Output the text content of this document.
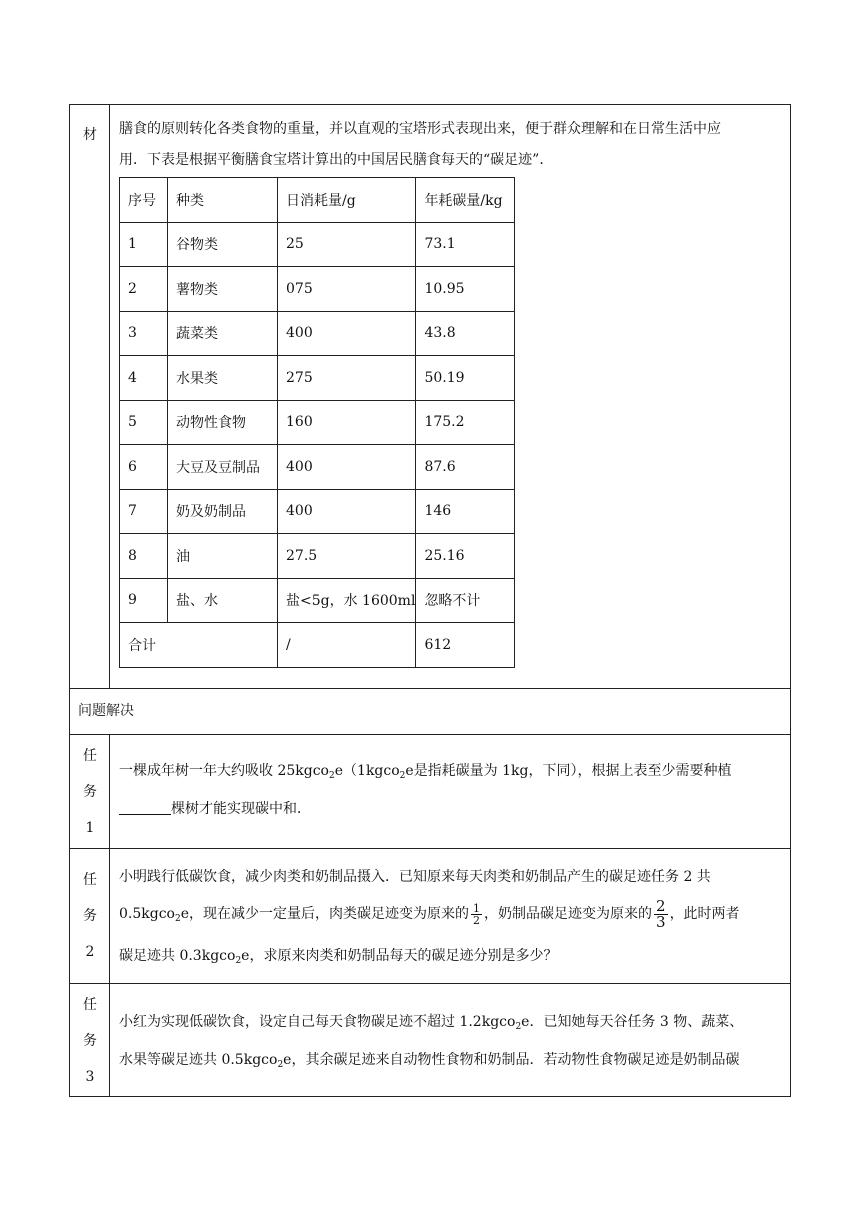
材	膳食的原则转化各类食物的重量，并以直观的宝塔形式表现出来，便于群众理解和在日常生活中应
用．下表是根据平衡膳食宝塔计算出的中国居民膳食每天的“碳足迹”．
序号	种类	日消耗量/g	年耗碳量/kg
1	谷物类	25	73.1
2	薯物类	075	10.95
3	蔬菜类	400	43.8
4	水果类	275	50.19
5	动物性食物	160	175.2
6	大豆及豆制品	400	87.6
7	奶及奶制品	400	146
8	油	27.5	25.16
9	盐、水	盐<5g，水 1600ml	忽略不计
合计		/	612
问题解决
任
务
1
一棵成年树一年大约吸收 25kgco$_2$e（1kgco$_2$e是指耗碳量为 1kg，下同），根据上表至少需要种植
棵树才能实现碳中和．
任
务
2
小明践行低碳饮食，减少肉类和奶制品摄入．已知原来每天肉类和奶制品产生的碳足迹任务 2 共
0.5kgco$_2$e，现在减少一定量后，肉类碳足迹变为原来的 $\frac{1}{2}$ ，奶制品碳足迹变为原来的 $\frac{2}{3}$ ，此时两者
碳足迹共 0.3kgco$_2$e，求原来肉类和奶制品每天的碳足迹分别是多少？
任
务
3
小红为实现低碳饮食，设定自己每天食物碳足迹不超过 1.2kgco$_2$e．已知她每天谷任务 3 物、蔬菜、
水果等碳足迹共 0.5kgco$_2$e，其余碳足迹来自动物性食物和奶制品．若动物性食物碳足迹是奶制品碳
